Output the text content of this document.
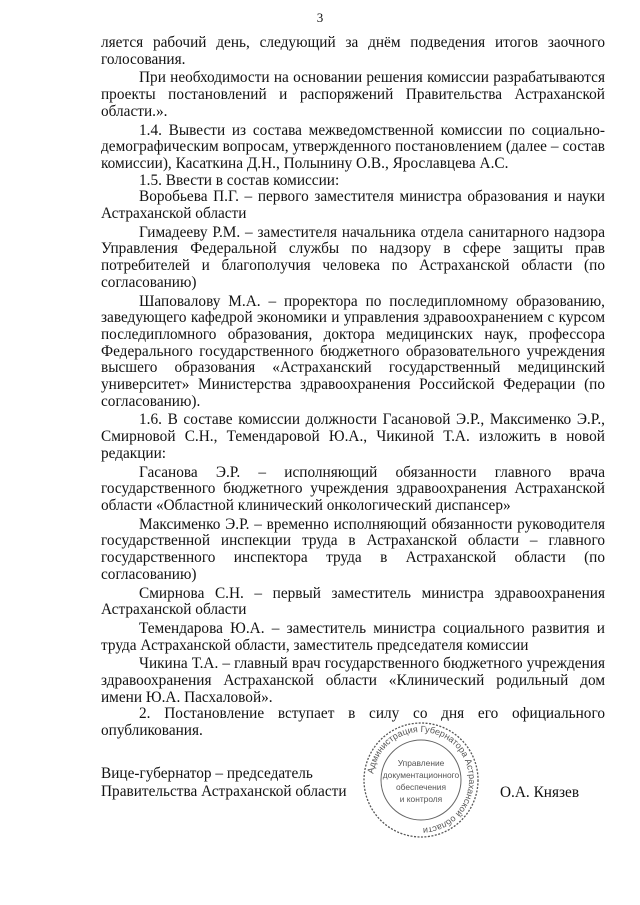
3

ляется рабочий день, следующий за днём подведения итогов заочного голосования.

При необходимости на основании решения комиссии разрабатываются проекты постановлений и распоряжений Правительства Астраханской области.».

1.4. Вывести из состава межведомственной комиссии по социально-демографическим вопросам, утвержденного постановлением (далее – состав комиссии), Касаткина Д.Н., Полынину О.В., Ярославцева А.С.

1.5. Ввести в состав комиссии:

Воробьева П.Г. – первого заместителя министра образования и науки Астраханской области

Гимадееву Р.М. – заместителя начальника отдела санитарного надзора Управления Федеральной службы по надзору в сфере защиты прав потребителей и благополучия человека по Астраханской области (по согласованию)

Шаповалову М.А. – проректора по последипломному образованию, заведующего кафедрой экономики и управления здравоохранением с курсом последипломного образования, доктора медицинских наук, профессора Федерального государственного бюджетного образовательного учреждения высшего образования «Астраханский государственный медицинский университет» Министерства здравоохранения Российской Федерации (по согласованию).

1.6. В составе комиссии должности Гасановой Э.Р., Максименко Э.Р., Смирновой С.Н., Темендаровой Ю.А., Чикиной Т.А. изложить в новой редакции:

Гасанова Э.Р. – исполняющий обязанности главного врача государственного бюджетного учреждения здравоохранения Астраханской области «Областной клинический онкологический диспансер»

Максименко Э.Р. – временно исполняющий обязанности руководителя государственной инспекции труда в Астраханской области – главного государственного инспектора труда в Астраханской области (по согласованию)

Смирнова С.Н. – первый заместитель министра здравоохранения Астраханской области

Темендарова Ю.А. – заместитель министра социального развития и труда Астраханской области, заместитель председателя комиссии

Чикина Т.А. – главный врач государственного бюджетного учреждения здравоохранения Астраханской области «Клинический родильный дом имени Ю.А. Пасхаловой».

2. Постановление вступает в силу со дня его официального опубликования.

Администрация Губернатора Астраханской области
Управление
документационного
обеспечения
и контроля
Вице-губернатор – председатель
Правительства Астраханской области	О.А. Князев
